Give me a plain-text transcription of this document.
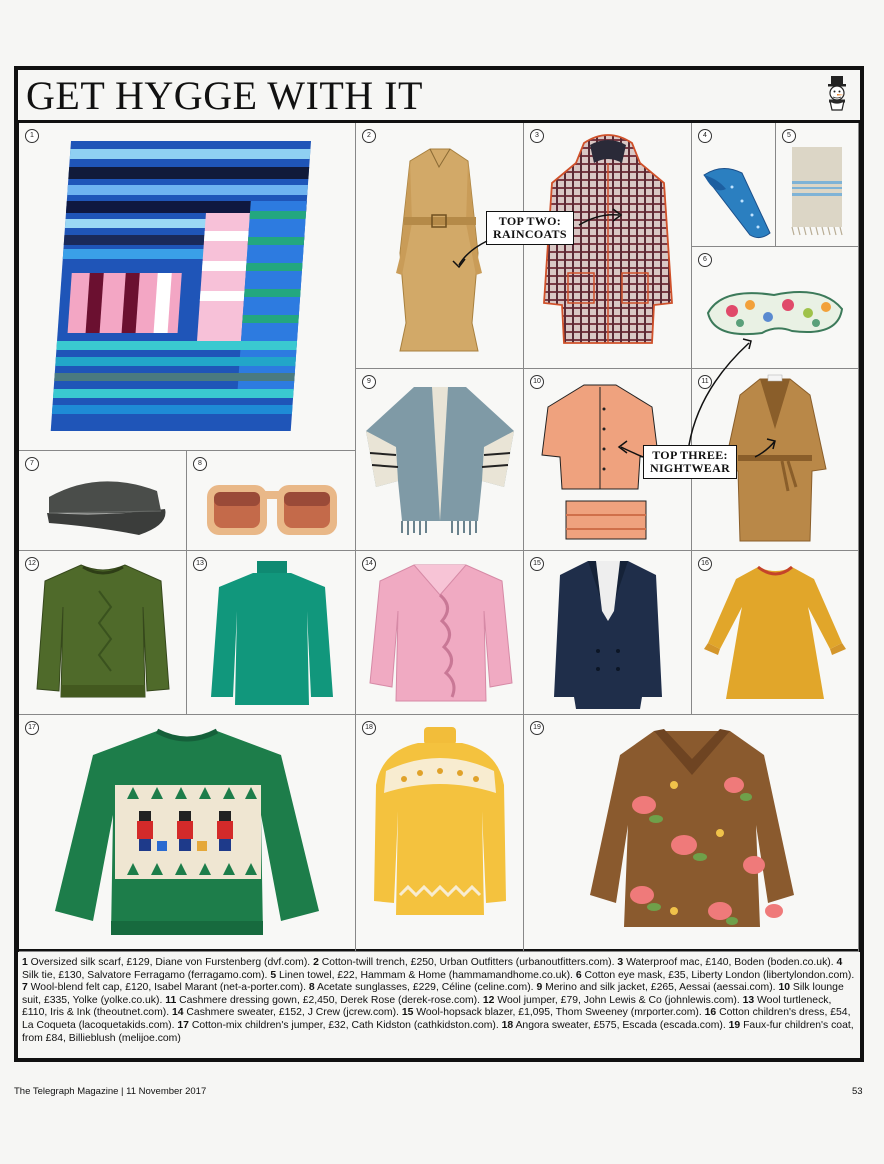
GET HYGGE WITH IT
1	2	3	4	5
6
7	8
9	10	11
12	13	14	15	16
17	18	19
TOP TWO:
RAINCOATS
TOP THREE:
NIGHTWEAR
1 Oversized silk scarf, £129, Diane von Furstenberg (dvf.com). 2 Cotton-twill trench, £250, Urban Outfitters (urbanoutfitters.com). 3 Waterproof mac, £140, Boden (boden.co.uk). 4 Silk tie, £130, Salvatore Ferragamo (ferragamo.com). 5 Linen towel, £22, Hammam & Home (hammamandhome.co.uk). 6 Cotton eye mask, £35, Liberty London (libertylondon.com). 7 Wool-blend felt cap, £120, Isabel Marant (net-a-porter.com). 8 Acetate sunglasses, £229, Céline (celine.com). 9 Merino and silk jacket, £265, Aessai (aessai.com). 10 Silk lounge suit, £335, Yolke (yolke.co.uk). 11 Cashmere dressing gown, £2,450, Derek Rose (derek-rose.com). 12 Wool jumper, £79, John Lewis & Co (johnlewis.com). 13 Wool turtleneck, £110, Iris & Ink (theoutnet.com). 14 Cashmere sweater, £152, J Crew (jcrew.com). 15 Wool-hopsack blazer, £1,095, Thom Sweeney (mrporter.com). 16 Cotton children's dress, £54, La Coqueta (lacoquetakids.com). 17 Cotton-mix children's jumper, £32, Cath Kidston (cathkidston.com). 18 Angora sweater, £575, Escada (escada.com). 19 Faux-fur children's coat, from £84, Billieblush (melijoe.com)
The Telegraph Magazine | 11 November 2017	53
